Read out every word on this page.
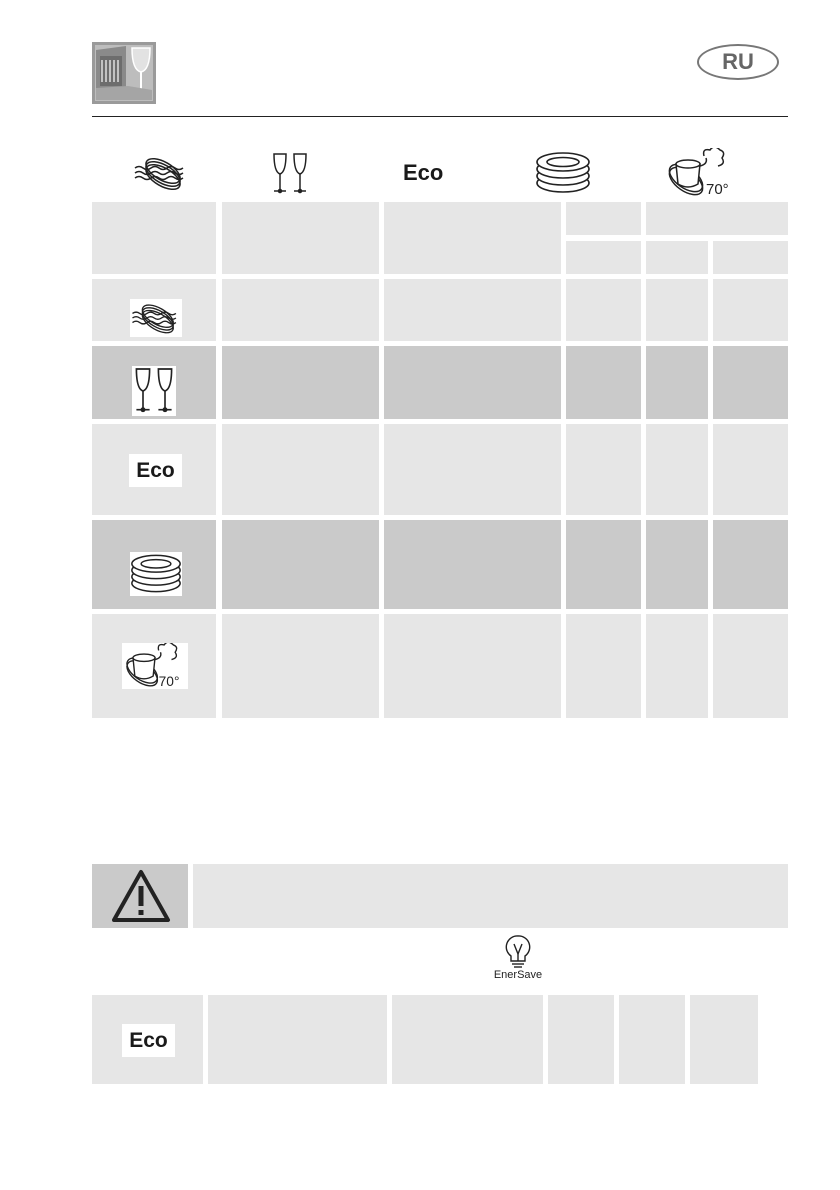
RU
Eco
70°
Eco
70°
EnerSave
Eco
